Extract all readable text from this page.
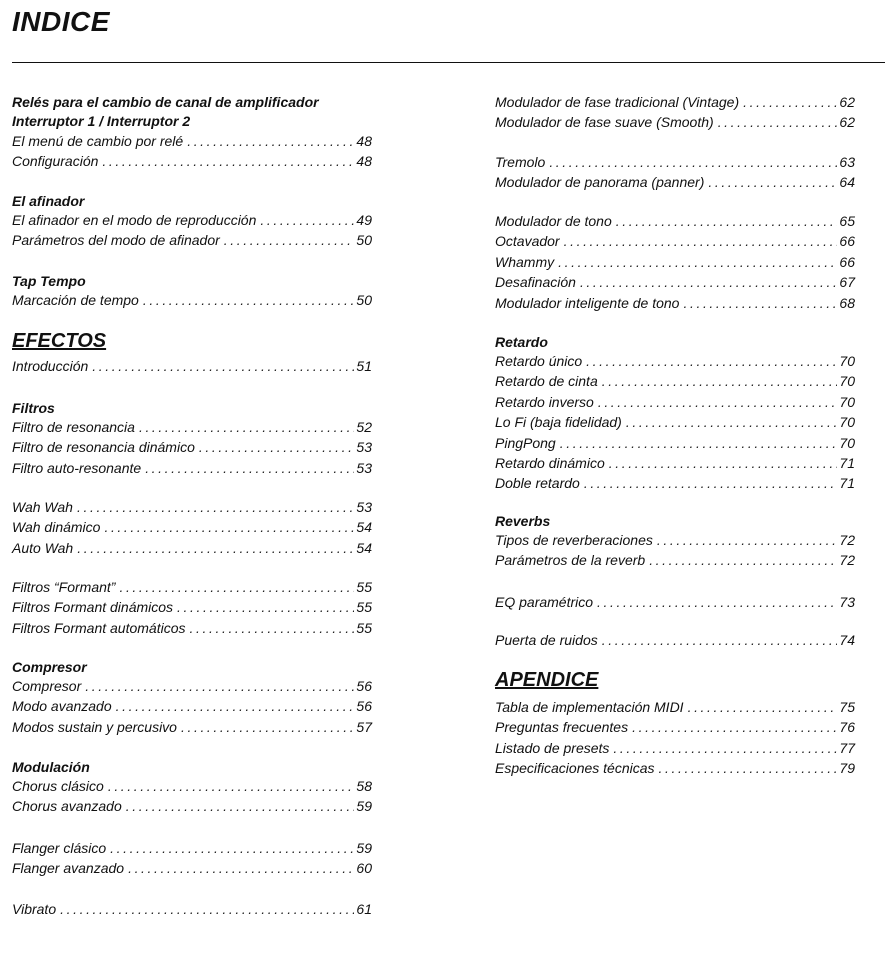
INDICE
Relés para el cambio de canal de amplificador
Interruptor 1 / Interruptor 2
El menú de cambio por relé .....	48
Configuración .....	48
El afinador
El afinador en el modo de reproducción .....	49
Parámetros del modo de afinador .....	50
Tap Tempo
Marcación de tempo .....	50
EFECTOS
Introducción .....	51
Filtros
Filtro de resonancia .....	52
Filtro de resonancia dinámico .....	53
Filtro auto-resonante .....	53
Wah Wah .....	53
Wah dinámico .....	54
Auto Wah .....	54
Filtros “Formant” .....	55
Filtros Formant dinámicos .....	55
Filtros Formant automáticos .....	55
Compresor
Compresor .....	56
Modo avanzado .....	56
Modos sustain y percusivo .....	57
Modulación
Chorus clásico .....	58
Chorus avanzado .....	59
Flanger clásico .....	59
Flanger avanzado .....	60
Vibrato .....	61
Modulador de fase tradicional (Vintage) .....	62
Modulador de fase suave (Smooth) .....	62
Tremolo .....	63
Modulador de panorama (panner) .....	64
Modulador de tono .....	65
Octavador .....	66
Whammy .....	66
Desafinación .....	67
Modulador inteligente de tono .....	68
Retardo
Retardo único .....	70
Retardo de cinta .....	70
Retardo inverso .....	70
Lo Fi (baja fidelidad) .....	70
PingPong .....	70
Retardo dinámico .....	71
Doble retardo .....	71
Reverbs
Tipos de reverberaciones .....	72
Parámetros de la reverb .....	72
EQ paramétrico .....	73
Puerta de ruidos .....	74
APENDICE
Tabla de implementación MIDI .....	75
Preguntas frecuentes .....	76
Listado de presets .....	77
Especificaciones técnicas .....	79
